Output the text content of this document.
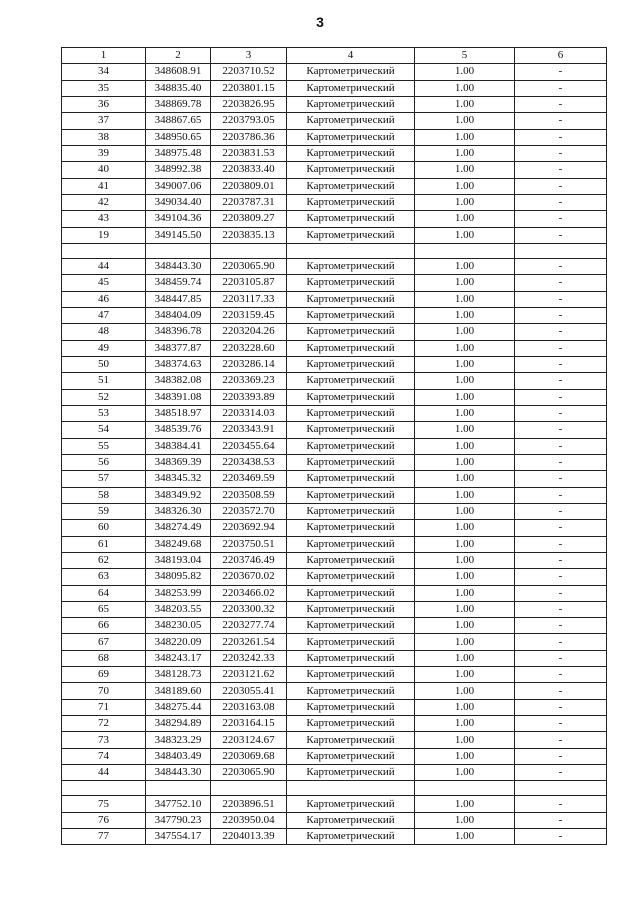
3
1	2	3	4	5	6
34	348608.91	2203710.52	Картометрический	1.00	-
35	348835.40	2203801.15	Картометрический	1.00	-
36	348869.78	2203826.95	Картометрический	1.00	-
37	348867.65	2203793.05	Картометрический	1.00	-
38	348950.65	2203786.36	Картометрический	1.00	-
39	348975.48	2203831.53	Картометрический	1.00	-
40	348992.38	2203833.40	Картометрический	1.00	-
41	349007.06	2203809.01	Картометрический	1.00	-
42	349034.40	2203787.31	Картометрический	1.00	-
43	349104.36	2203809.27	Картометрический	1.00	-
19	349145.50	2203835.13	Картометрический	1.00	-

44	348443.30	2203065.90	Картометрический	1.00	-
45	348459.74	2203105.87	Картометрический	1.00	-
46	348447.85	2203117.33	Картометрический	1.00	-
47	348404.09	2203159.45	Картометрический	1.00	-
48	348396.78	2203204.26	Картометрический	1.00	-
49	348377.87	2203228.60	Картометрический	1.00	-
50	348374.63	2203286.14	Картометрический	1.00	-
51	348382.08	2203369.23	Картометрический	1.00	-
52	348391.08	2203393.89	Картометрический	1.00	-
53	348518.97	2203314.03	Картометрический	1.00	-
54	348539.76	2203343.91	Картометрический	1.00	-
55	348384.41	2203455.64	Картометрический	1.00	-
56	348369.39	2203438.53	Картометрический	1.00	-
57	348345.32	2203469.59	Картометрический	1.00	-
58	348349.92	2203508.59	Картометрический	1.00	-
59	348326.30	2203572.70	Картометрический	1.00	-
60	348274.49	2203692.94	Картометрический	1.00	-
61	348249.68	2203750.51	Картометрический	1.00	-
62	348193.04	2203746.49	Картометрический	1.00	-
63	348095.82	2203670.02	Картометрический	1.00	-
64	348253.99	2203466.02	Картометрический	1.00	-
65	348203.55	2203300.32	Картометрический	1.00	-
66	348230.05	2203277.74	Картометрический	1.00	-
67	348220.09	2203261.54	Картометрический	1.00	-
68	348243.17	2203242.33	Картометрический	1.00	-
69	348128.73	2203121.62	Картометрический	1.00	-
70	348189.60	2203055.41	Картометрический	1.00	-
71	348275.44	2203163.08	Картометрический	1.00	-
72	348294.89	2203164.15	Картометрический	1.00	-
73	348323.29	2203124.67	Картометрический	1.00	-
74	348403.49	2203069.68	Картометрический	1.00	-
44	348443.30	2203065.90	Картометрический	1.00	-

75	347752.10	2203896.51	Картометрический	1.00	-
76	347790.23	2203950.04	Картометрический	1.00	-
77	347554.17	2204013.39	Картометрический	1.00	-
